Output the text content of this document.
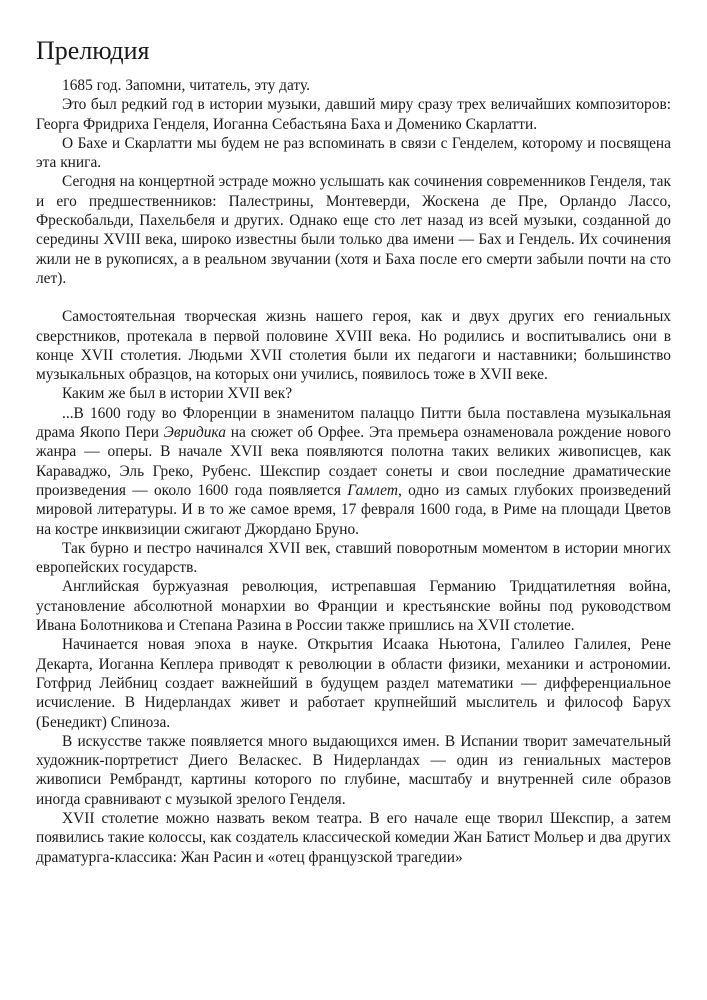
Прелюдия

1685 год. Запомни, читатель, эту дату.

Это был редкий год в истории музыки, давший миру сразу трех величайших композиторов: Георга Фридриха Генделя, Иоганна Себастьяна Баха и Доменико Скарлатти.

О Бахе и Скарлатти мы будем не раз вспоминать в связи с Генделем, которому и посвящена эта книга.

Сегодня на концертной эстраде можно услышать как сочинения современников Генделя, так и его предшественников: Палестрины, Монтеверди, Жоскена де Пре, Орландо Лассо, Фрескобальди, Пахельбеля и других. Однако еще сто лет назад из всей музыки, созданной до середины XVIII века, широко известны были только два имени — Бах и Гендель. Их сочинения жили не в рукописях, а в реальном звучании (хотя и Баха после его смерти забыли почти на сто лет).

Самостоятельная творческая жизнь нашего героя, как и двух других его гениальных сверстников, протекала в первой половине XVIII века. Но родились и воспитывались они в конце XVII столетия. Людьми XVII столетия были их педагоги и наставники; большинство музыкальных образцов, на которых они учились, появилось тоже в XVII веке.

Каким же был в истории XVII век?

...В 1600 году во Флоренции в знаменитом палаццо Питти была поставлена музыкальная драма Якопо Пери Эвридика на сюжет об Орфее. Эта премьера ознаменовала рождение нового жанра — оперы. В начале XVII века появляются полотна таких великих живописцев, как Караваджо, Эль Греко, Рубенс. Шекспир создает сонеты и свои последние драматические произведения — около 1600 года появляется Гамлет, одно из самых глубоких произведений мировой литературы. И в то же самое время, 17 февраля 1600 года, в Риме на площади Цветов на костре инквизиции сжигают Джордано Бруно.

Так бурно и пестро начинался XVII век, ставший поворотным моментом в истории многих европейских государств.

Английская буржуазная революция, истрепавшая Германию Тридцатилетняя война, установление абсолютной монархии во Франции и крестьянские войны под руководством Ивана Болотникова и Степана Разина в России также пришлись на XVII столетие.

Начинается новая эпоха в науке. Открытия Исаака Ньютона, Галилео Галилея, Рене Декарта, Иоганна Кеплера приводят к революции в области физики, механики и астрономии. Готфрид Лейбниц создает важнейший в будущем раздел математики — дифференциальное исчисление. В Нидерландах живет и работает крупнейший мыслитель и философ Барух (Бенедикт) Спиноза.

В искусстве также появляется много выдающихся имен. В Испании творит замечательный художник-портретист Диего Веласкес. В Нидерландах — один из гениальных мастеров живописи Рембрандт, картины которого по глубине, масштабу и внутренней силе образов иногда сравнивают с музыкой зрелого Генделя.

XVII столетие можно назвать веком театра. В его начале еще творил Шекспир, а затем появились такие колоссы, как создатель классической комедии Жан Батист Мольер и два других драматурга-классика: Жан Расин и «отец французской трагедии»
